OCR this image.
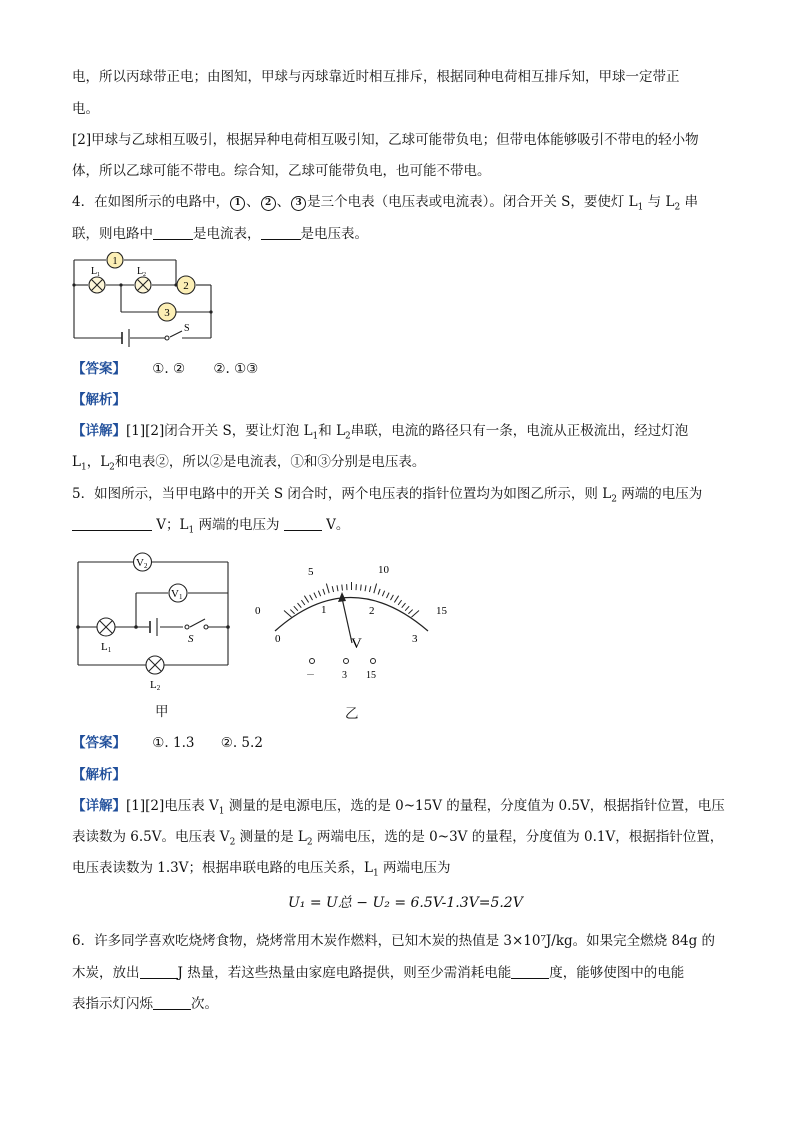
电，所以丙球带正电；由图知，甲球与丙球靠近时相互排斥，根据同种电荷相互排斥知，甲球一定带正
电。
[2]甲球与乙球相互吸引，根据异种电荷相互吸引知，乙球可能带负电；但带电体能够吸引不带电的轻小物
体，所以乙球可能不带电。综合知，乙球可能带负电，也可能不带电。
4．在如图所示的电路中， 1 、 2 、 3 是三个电表（电压表或电流表）。闭合开关 S，要使灯 $L_1$ 与 $L_2$ 串
联，则电路中	是电流表，	是电压表。
1
2
3
L 1	L 2
S
【答案】 ①. ② ②. ①③
【解析】
【详解】[1][2]闭合开关 S，要让灯泡 $L_1$和 $L_2$串联，电流的路径只有一条，电流从正极流出，经过灯泡
$L_1$，$L_2$和电表②，所以②是电流表，①和③分别是电压表。
5．如图所示，当甲电路中的开关 S 闭合时，两个电压表的指针位置均为如图乙所示，则 $L_2$ 两端的电压为
V；$L_1$ 两端的电压为	V。
V2
V1
S
L1
L2
甲
0
5	10
15
0
1	2
3
V
－	3 15
乙
【答案】 ①. 1.3 ②. 5.2
【解析】
【详解】[1][2]电压表 $V_1$ 测量的是电源电压，选的是 0~15V 的量程，分度值为 0.5V，根据指针位置，电压
表读数为 6.5V。电压表 $V_2$ 测量的是 $L_2$ 两端电压，选的是 0~3V 的量程，分度值为 0.1V，根据指针位置，
电压表读数为 1.3V；根据串联电路的电压关系，$L_1$ 两端电压为
U₁ = U总 − U₂ = 6.5V-1.3V=5.2V
6．许多同学喜欢吃烧烤食物，烧烤常用木炭作燃料，已知木炭的热值是 3×10⁷J/kg。如果完全燃烧 84g 的
木炭，放出	J 热量，若这些热量由家庭电路提供，则至少需消耗电能	度，能够使图中的电能
表指示灯闪烁	次。
